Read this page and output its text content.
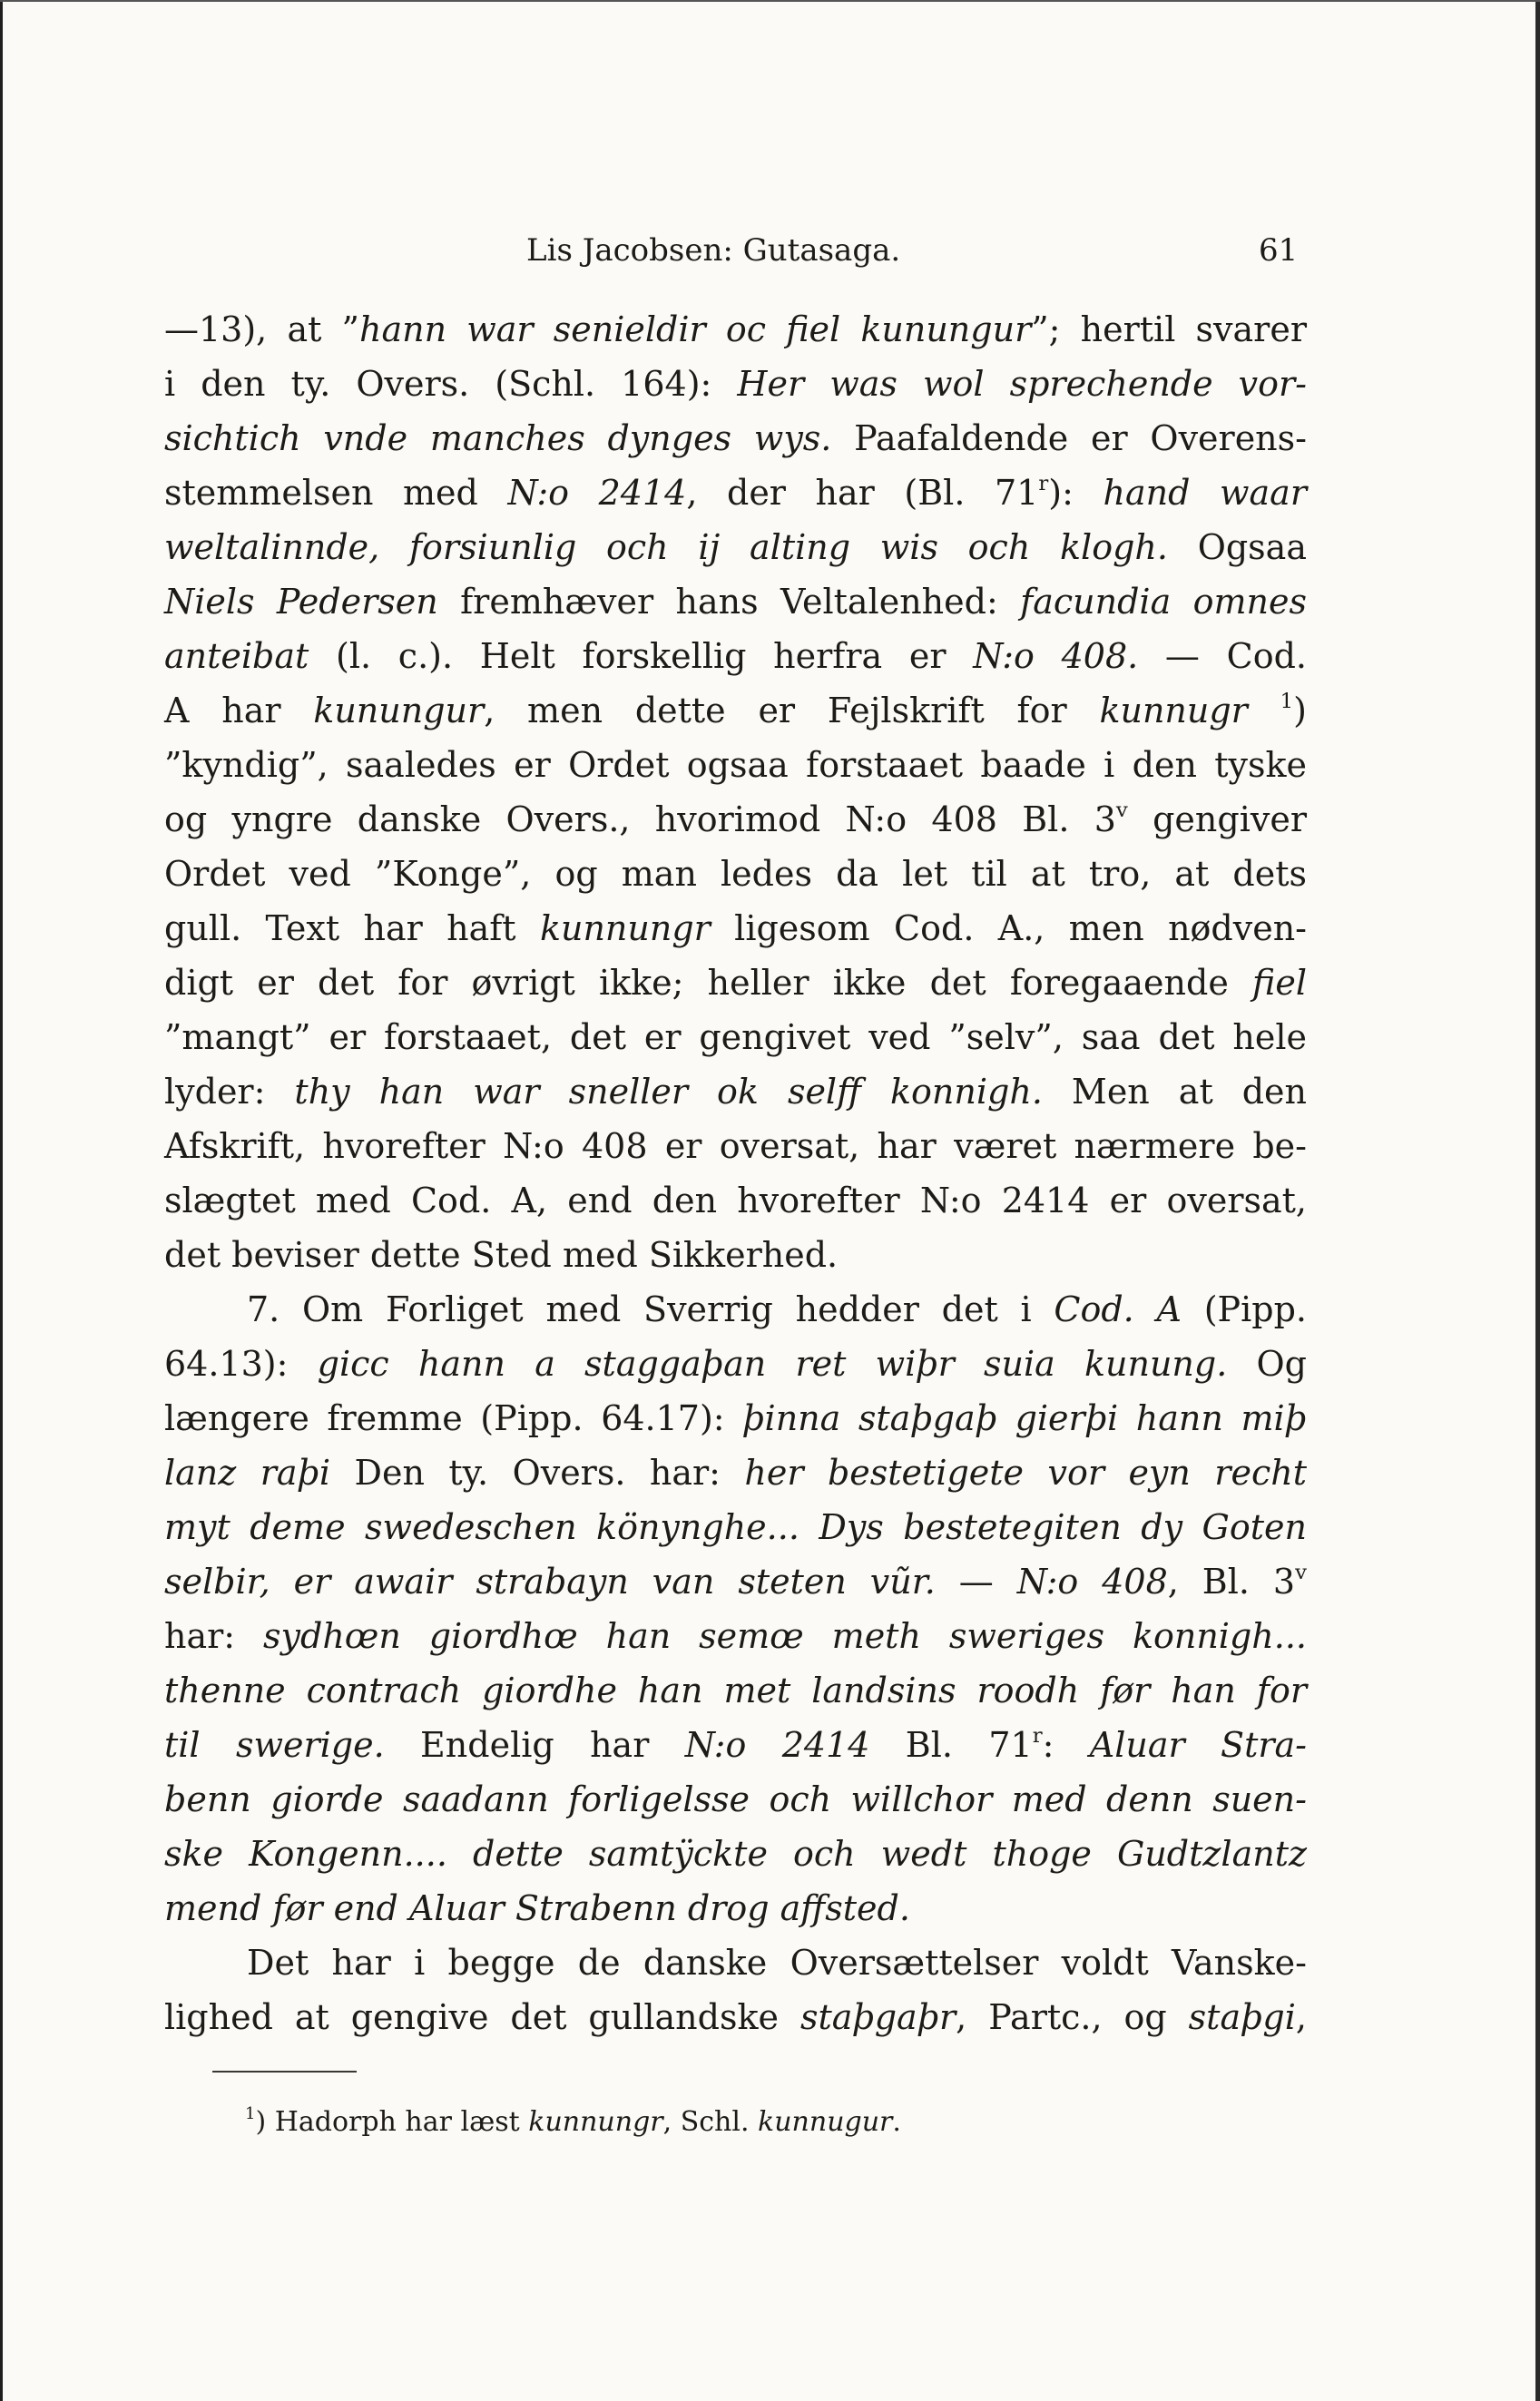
Lis Jacobsen: Gutasaga.	61
—13), at ”hann war senieldir oc fiel kunungur”; hertil svarer
i den ty. Overs. (Schl. 164): Her was wol sprechende vor-
sichtich vnde manches dynges wys. Paafaldende er Overens-
stemmelsen med N:o 2414, der har (Bl. 71$^r$): hand waar
weltalinnde, forsiunlig och ij alting wis och klogh. Ogsaa
Niels Pedersen fremhæver hans Veltalenhed: facundia omnes
anteibat (l. c.). Helt forskellig herfra er N:o 408. — Cod.
A har kunungur, men dette er Fejlskrift for kunnugr $^1$)
”kyndig”, saaledes er Ordet ogsaa forstaaet baade i den tyske
og yngre danske Overs., hvorimod N:o 408 Bl. 3$^v$ gengiver
Ordet ved ”Konge”, og man ledes da let til at tro, at dets
gull. Text har haft kunnungr ligesom Cod. A., men nødven-
digt er det for øvrigt ikke; heller ikke det foregaaende fiel
”mangt” er forstaaet, det er gengivet ved ”selv”, saa det hele
lyder: thy han war sneller ok selff konnigh. Men at den
Afskrift, hvorefter N:o 408 er oversat, har været nærmere be-
slægtet med Cod. A, end den hvorefter N:o 2414 er oversat,
det beviser dette Sted med Sikkerhed.
7. Om Forliget med Sverrig hedder det i Cod. A (Pipp.
64.13): gicc hann a staggaþan ret wiþr suia kunung. Og
længere fremme (Pipp. 64.17): þinna staþgaþ gierþi hann miþ
lanz raþi Den ty. Overs. har: her bestetigete vor eyn recht
myt deme swedeschen könynghe... Dys bestetegiten dy Goten
selbir, er awair strabayn van steten vũr. — N:o 408, Bl. 3$^v$
har: sydhœn giordhœ han semœ meth sweriges konnigh...
thenne contrach giordhe han met landsins roodh før han for
til swerige. Endelig har N:o 2414 Bl. 71$^r$: Aluar Stra-
benn giorde saadann forligelsse och willchor med denn suen-
ske Kongenn.... dette samtÿckte och wedt thoge Gudtzlantz
mend før end Aluar Strabenn drog affsted.
Det har i begge de danske Oversættelser voldt Vanske-
lighed at gengive det gullandske staþgaþr, Partc., og staþgi,
$^1$) Hadorph har læst kunnungr, Schl. kunnugur.
